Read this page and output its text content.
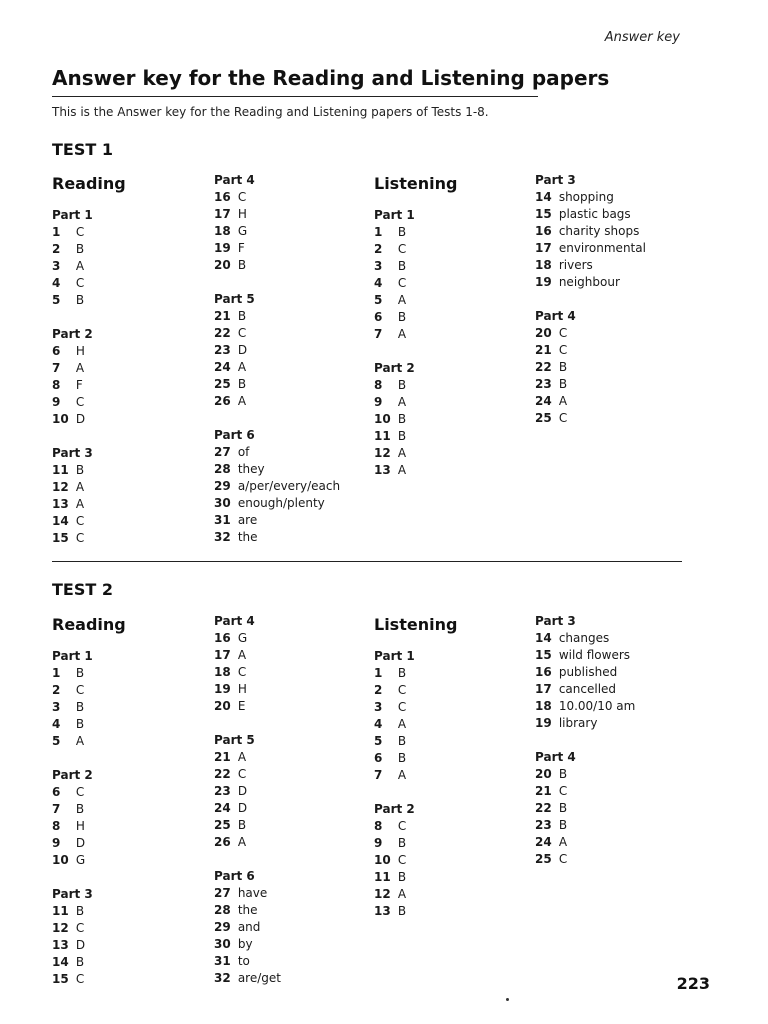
Answer key
Answer key for the Reading and Listening papers
This is the Answer key for the Reading and Listening papers of Tests 1-8.
TEST 1
Reading
Part 1
1 C
2 B
3 A
4 C
5 B
Part 2
6 H
7 A
8 F
9 C
10 D
Part 3
11 B
12 A
13 A
14 C
15 C
Part 4
16 C
17 H
18 G
19 F
20 B
Part 5
21 B
22 C
23 D
24 A
25 B
26 A
Part 6
27 of
28 they
29 a/per/every/each
30 enough/plenty
31 are
32 the
Listening
Part 1
1 B
2 C
3 B
4 C
5 A
6 B
7 A
Part 2
8 B
9 A
10 B
11 B
12 A
13 A
Part 3
14 shopping
15 plastic bags
16 charity shops
17 environmental
18 rivers
19 neighbour
Part 4
20 C
21 C
22 B
23 B
24 A
25 C
TEST 2
Reading
Part 1
1 B
2 C
3 B
4 B
5 A
Part 2
6 C
7 B
8 H
9 D
10 G
Part 3
11 B
12 C
13 D
14 B
15 C
Part 4
16 G
17 A
18 C
19 H
20 E
Part 5
21 A
22 C
23 D
24 D
25 B
26 A
Part 6
27 have
28 the
29 and
30 by
31 to
32 are/get
Listening
Part 1
1 B
2 C
3 C
4 A
5 B
6 B
7 A
Part 2
8 C
9 B
10 C
11 B
12 A
13 B
Part 3
14 changes
15 wild flowers
16 published
17 cancelled
18 10.00/10 am
19 library
Part 4
20 B
21 C
22 B
23 B
24 A
25 C
223
